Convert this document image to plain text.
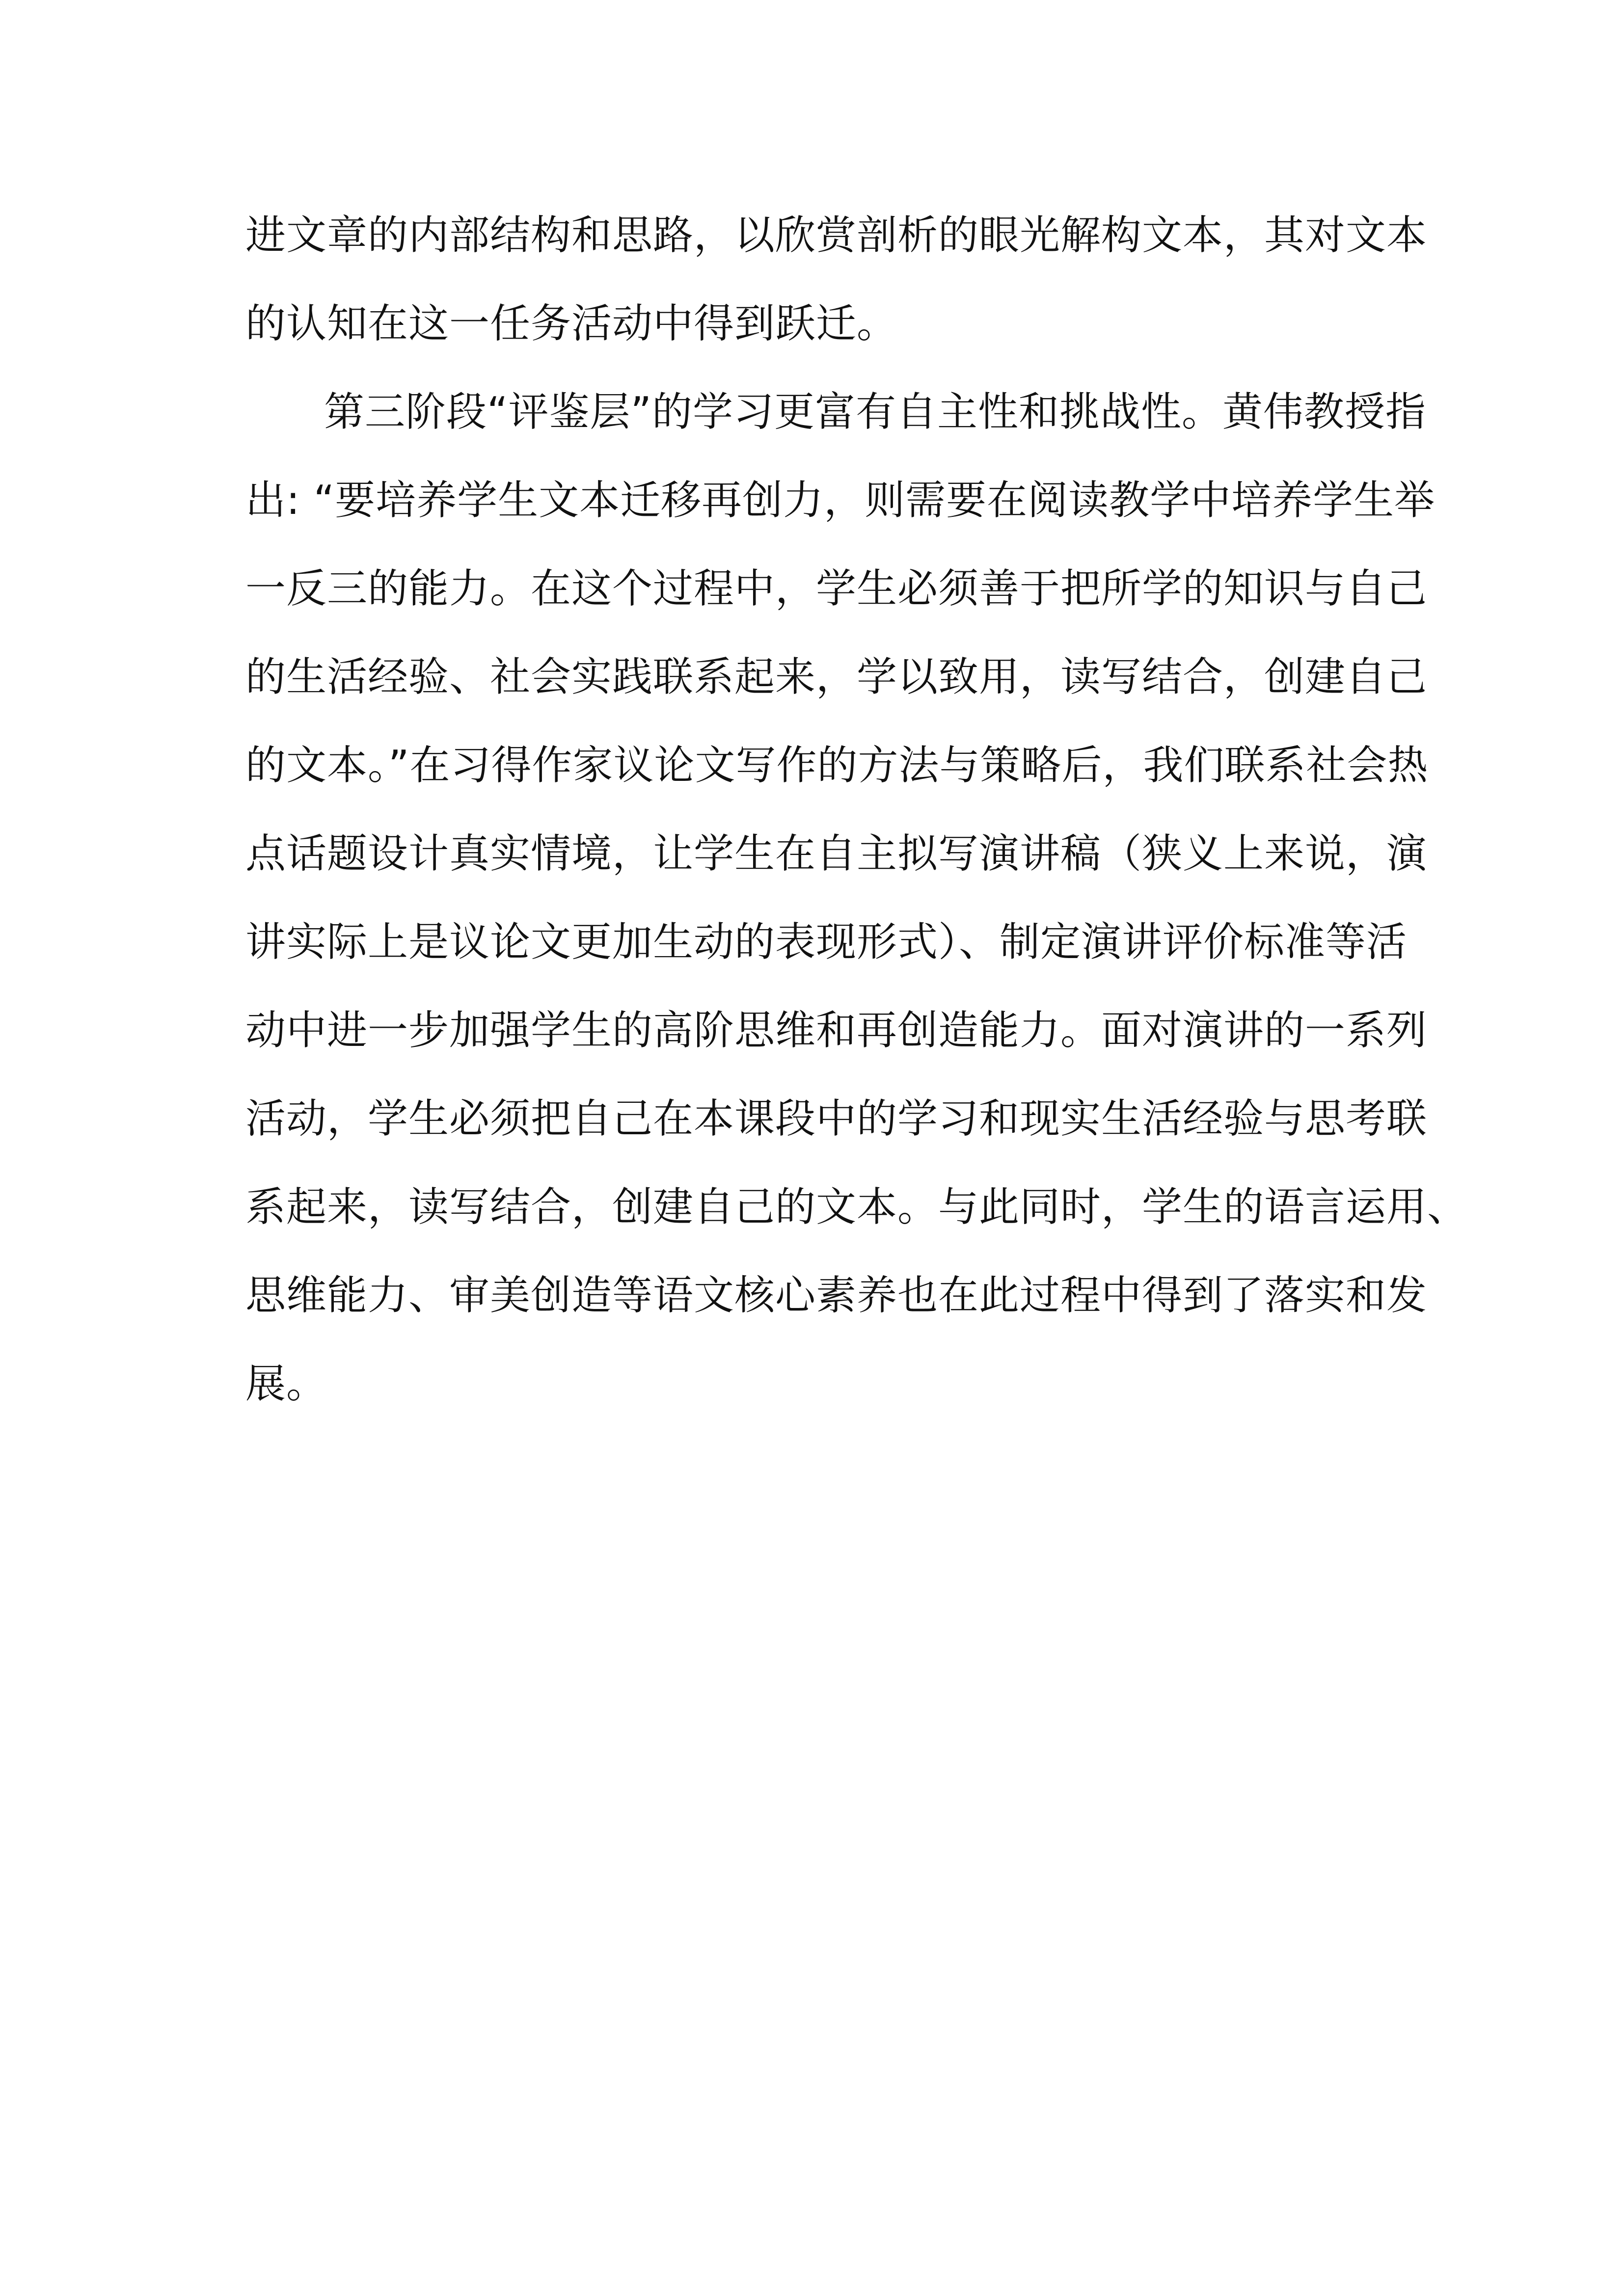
进文章的内部结构和思路，以欣赏剖析的眼光解构文本，其对文本
的认知在这一任务活动中得到跃迁。
第三阶段“评鉴层”的学习更富有自主性和挑战性。黄伟教授指
出: “要培养学生文本迁移再创力，则需要在阅读教学中培养学生举
一反三的能力。在这个过程中，学生必须善于把所学的知识与自己
的生活经验、社会实践联系起来，学以致用，读写结合，创建自己
的文本。”在习得作家议论文写作的方法与策略后，我们联系社会热
点话题设计真实情境，让学生在自主拟写演讲稿（狭义上来说，演
讲实际上是议论文更加生动的表现形式）、制定演讲评价标准等活
动中进一步加强学生的高阶思维和再创造能力。面对演讲的一系列
活动，学生必须把自己在本课段中的学习和现实生活经验与思考联
系起来，读写结合，创建自己的文本。与此同时，学生的语言运用、
思维能力、审美创造等语文核心素养也在此过程中得到了落实和发
展。
